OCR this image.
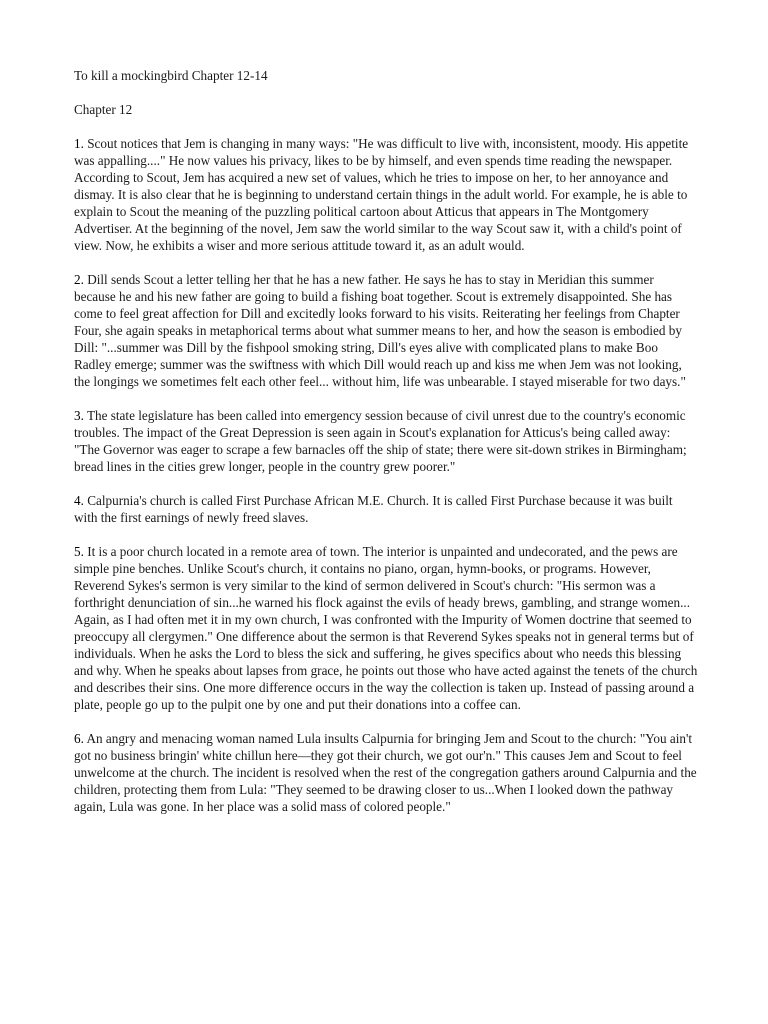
To kill a mockingbird Chapter 12-14
Chapter 12

1. Scout notices that Jem is changing in many ways: "He was difficult to live with, inconsistent, moody. His appetite was appalling...." He now values his privacy, likes to be by himself, and even spends time reading the newspaper. According to Scout, Jem has acquired a new set of values, which he tries to impose on her, to her annoyance and dismay. It is also clear that he is beginning to understand certain things in the adult world. For example, he is able to explain to Scout the meaning of the puzzling political cartoon about Atticus that appears in The Montgomery Advertiser. At the beginning of the novel, Jem saw the world similar to the way Scout saw it, with a child's point of view. Now, he exhibits a wiser and more serious attitude toward it, as an adult would.

2. Dill sends Scout a letter telling her that he has a new father. He says he has to stay in Meridian this summer because he and his new father are going to build a fishing boat together. Scout is extremely disappointed. She has come to feel great affection for Dill and excitedly looks forward to his visits. Reiterating her feelings from Chapter Four, she again speaks in metaphorical terms about what summer means to her, and how the season is embodied by Dill: "...summer was Dill by the fishpool smoking string, Dill's eyes alive with complicated plans to make Boo Radley emerge; summer was the swiftness with which Dill would reach up and kiss me when Jem was not looking, the longings we sometimes felt each other feel... without him, life was unbearable. I stayed miserable for two days."

3. The state legislature has been called into emergency session because of civil unrest due to the country's economic troubles. The impact of the Great Depression is seen again in Scout's explanation for Atticus's being called away: "The Governor was eager to scrape a few barnacles off the ship of state; there were sit-down strikes in Birmingham; bread lines in the cities grew longer, people in the country grew poorer."

4. Calpurnia's church is called First Purchase African M.E. Church. It is called First Purchase because it was built with the first earnings of newly freed slaves.

5. It is a poor church located in a remote area of town. The interior is unpainted and undecorated, and the pews are simple pine benches. Unlike Scout's church, it contains no piano, organ, hymn-books, or programs. However, Reverend Sykes's sermon is very similar to the kind of sermon delivered in Scout's church: "His sermon was a forthright denunciation of sin...he warned his flock against the evils of heady brews, gambling, and strange women... Again, as I had often met it in my own church, I was confronted with the Impurity of Women doctrine that seemed to preoccupy all clergymen." One difference about the sermon is that Reverend Sykes speaks not in general terms but of individuals. When he asks the Lord to bless the sick and suffering, he gives specifics about who needs this blessing and why. When he speaks about lapses from grace, he points out those who have acted against the tenets of the church and describes their sins. One more difference occurs in the way the collection is taken up. Instead of passing around a plate, people go up to the pulpit one by one and put their donations into a coffee can.

6. An angry and menacing woman named Lula insults Calpurnia for bringing Jem and Scout to the church: "You ain't got no business bringin' white chillun here—they got their church, we got our'n." This causes Jem and Scout to feel unwelcome at the church. The incident is resolved when the rest of the congregation gathers around Calpurnia and the children, protecting them from Lula: "They seemed to be drawing closer to us...When I looked down the pathway again, Lula was gone. In her place was a solid mass of colored people."
